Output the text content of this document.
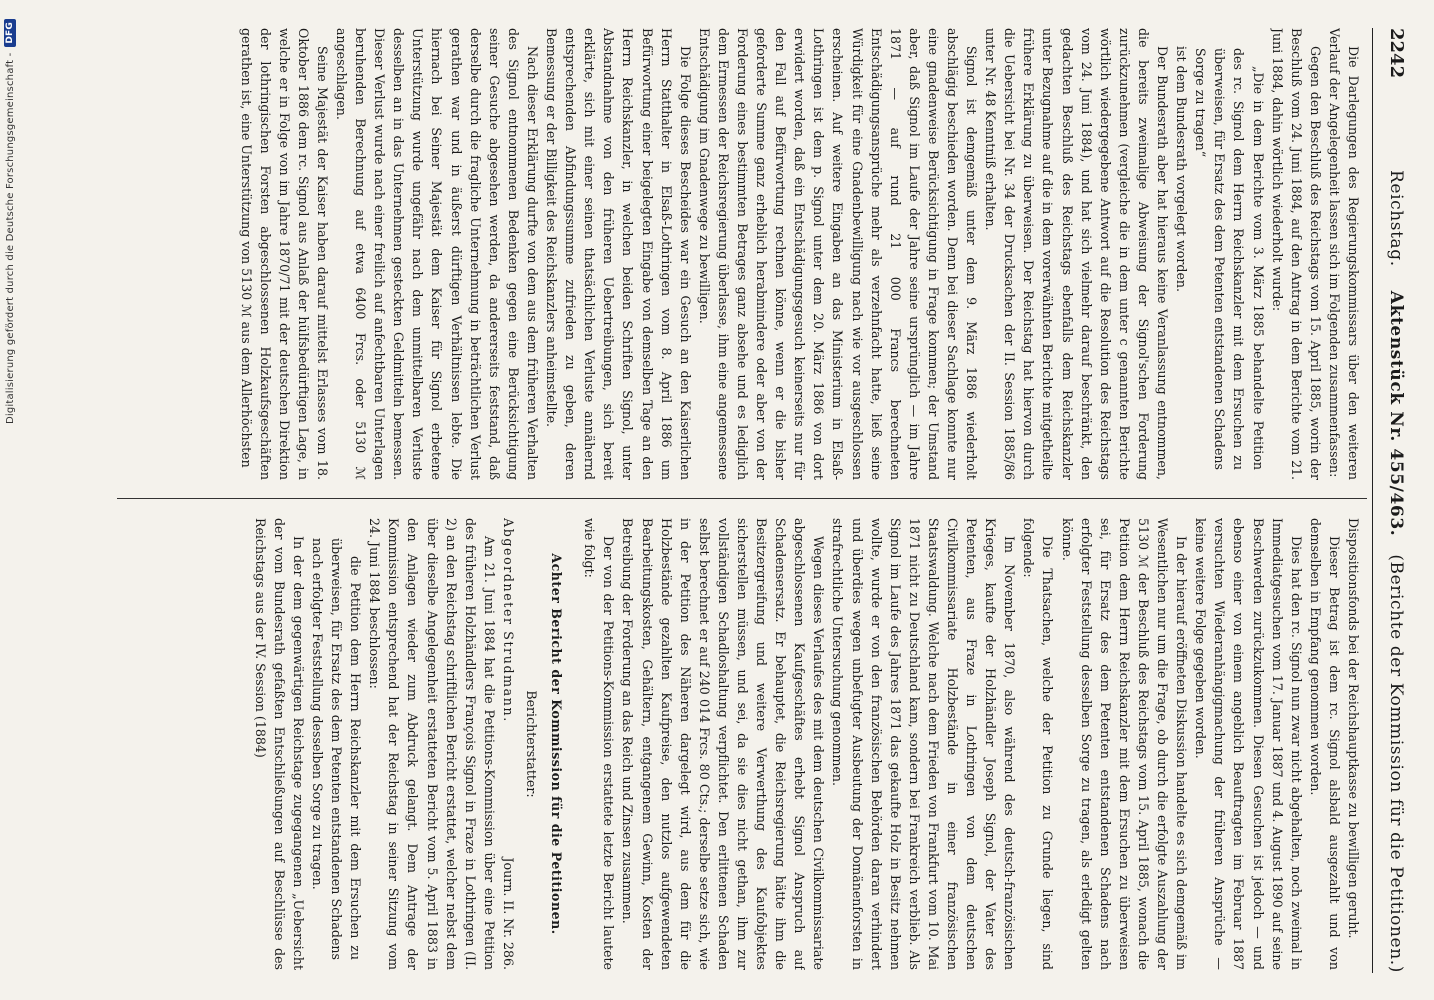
Digitalisierung gefördert durch die Deutsche Forschungsgemeinschaft -
DFG	2242
Reichstag.    Aktenstück Nr. 455/463.   (Berichte der Kommission für die Petitionen.)

Die Darlegungen des Regierungskommissars über den weiteren Verlauf der Angelegenheit lassen sich im Folgenden zusammenfassen:

Gegen den Beschluß des Reichstags vom 15. April 1885, worin der Beschluß vom 24. Juni 1884, auf den Antrag in dem Berichte vom 21. Juni 1884, dahin wörtlich wiederholt wurde:

„Die in dem Berichte vom 3. März 1885 behandelte Petition des rc. Signol dem Herrn Reichskanzler mit dem Ersuchen zu überweisen, für Ersatz des dem Petenten entstandenen Schadens Sorge zu tragen“

ist dem Bundesrath vorgelegt worden.

Der Bundesrath aber hat hieraus keine Veranlassung entnommen, die bereits zweimalige Abweisung der Signol'schen Forderung zurückzunehmen (vergleiche die in dem unter c genannten Berichte wörtlich wiedergegebene Antwort auf die Resolution des Reichstags vom 24. Juni 1884), und hat sich vielmehr darauf beschränkt, den gedachten Beschluß des Reichstags ebenfalls dem Reichskanzler unter Bezugnahme auf die in dem vorerwähnten Berichte mitgetheilte frühere Erklärung zu überweisen. Der Reichstag hat hiervon durch die Uebersicht bei Nr. 34 der Drucksachen der II. Session 1885/86 unter Nr. 48 Kenntniß erhalten.

Signol ist demgemäß unter dem 9. März 1886 wiederholt abschlägig beschieden worden. Denn bei dieser Sachlage konnte nur eine gnadenweise Berücksichtigung in Frage kommen; der Umstand aber, daß Signol im Laufe der Jahre seine ursprünglich — im Jahre 1871 — auf rund 21 000 Francs berechneten Entschädigungsansprüche mehr als verzehnfacht hatte, ließ seine Würdigkeit für eine Gnadenbewilligung nach wie vor ausgeschlossen erscheinen. Auf weitere Eingaben an das Ministerium in Elsaß-Lothringen ist dem p. Signol unter dem 20. März 1886 von dort erwidert worden, daß ein Entschädigungsgesuch keinerseits nur für den Fall auf Befürwortung rechnen könne, wenn er die bisher geforderte Summe ganz erheblich herabmindere oder aber von der Forderung eines bestimmten Betrages ganz absehe und es lediglich dem Ermessen der Reichsregierung überlasse, ihm eine angemessene Entschädigung im Gnadenwege zu bewilligen.

Die Folge dieses Bescheides war ein Gesuch an den Kaiserlichen Herrn Statthalter in Elsaß-Lothringen vom 8. April 1886 um Befürwortung einer beigelegten Eingabe von demselben Tage an den Herrn Reichskanzler, in welchen beiden Schriften Signol, unter Abstandnahme von den früheren Uebertreibungen, sich bereit erklärte, sich mit einer seinen thatsächlichen Verluste annähernd entsprechenden Abfindungssumme zufrieden zu geben, deren Bemessung er der Billigkeit des Reichskanzlers anheimstellte.

Nach dieser Erklärung durfte von dem aus dem früheren Verhalten des Signol entnommenen Bedenken gegen eine Berücksichtigung seiner Gesuche abgesehen werden, da andererseits feststand, daß derselbe durch die fragliche Unternehmung in beträchtlichen Verlust gerathen war und in äußerst dürftigen Verhältnissen lebte. Die hiernach bei Seiner Majestät dem Kaiser für Signol erbetene Unterstützung wurde ungefähr nach dem unmittelbaren Verluste desselben an in das Unternehmen gesteckten Geldmitteln bemessen. Dieser Verlust wurde nach einer freilich auf anfechtbaren Unterlagen beruhenden Berechnung auf etwa 6400 Frcs. oder 5130 ℳ angeschlagen.

Seine Majestät der Kaiser haben darauf mittelst Erlasses vom 18. Oktober 1886 dem rc. Signol aus Anlaß der hülfsbedürftigen Lage, in welche er in Folge von im Jahre 1870/71 mit der deutschen Direktion der lothringischen Forsten abgeschlossenen Holzkaufsgeschäften gerathen ist, eine Unterstützung von 5130 ℳ aus dem Allerhöchsten

Dispositionsfonds bei der Reichshauptkasse zu bewilligen geruht.

Dieser Betrag ist dem rc. Signol alsbald ausgezahlt und von demselben in Empfang genommen worden.

Dies hat den rc. Signol nun zwar nicht abgehalten, noch zweimal in Immediatgesuchen vom 17. Januar 1887 und 4. August 1890 auf seine Beschwerden zurückzukommen. Diesen Gesuchen ist jedoch — und ebenso einer von einem angeblich Beauftragten im Februar 1887 versuchten Wiederanhängigmachung der früheren Ansprüche — keine weitere Folge gegeben worden.

In der hierauf eröffneten Diskussion handelte es sich demgemäß im Wesentlichen nur um die Frage, ob durch die erfolgte Auszahlung der 5130 ℳ der Beschluß des Reichstags vom 15. April 1885, wonach die Petition dem Herrn Reichskanzler mit dem Ersuchen zu überweisen sei, für Ersatz des dem Petenten entstandenen Schadens nach erfolgter Feststellung desselben Sorge zu tragen, als erledigt gelten könne.

Die Thatsachen, welche der Petition zu Grunde liegen, sind folgende:

Im November 1870, also während des deutsch-französischen Krieges, kaufte der Holzhändler Joseph Signol, der Vater des Petenten, aus Fraze in Lothringen von dem deutschen Civilkommissariate Holzbestände in einer französischen Staatswaldung. Welche nach dem Frieden von Frankfurt vom 10. Mai 1871 nicht zu Deutschland kam, sondern bei Frankreich verblieb. Als Signol im Laufe des Jahres 1871 das gekaufte Holz in Besitz nehmen wollte, wurde er von den französischen Behörden daran verhindert und überdies wegen unbefugter Ausbeutung der Domänenforsten in strafrechtliche Untersuchung genommen.

Wegen dieses Verlaufes des mit dem deutschen Civilkommissariate abgeschlossenen Kaufgeschäftes erhebt Signol Anspruch auf Schadensersatz. Er behauptet, die Reichsregierung hätte ihm die Besitzergreifung und weitere Verwerthung des Kaufobjektes sicherstellen müssen, und sei, da sie dies nicht gethan, ihm zur vollständigen Schadloshaltung verpflichtet. Den erlittenen Schaden selbst berechnet er auf 240 014 Frcs. 80 Cts.; derselbe setze sich, wie in der Petition des Näheren dargelegt wird, aus dem für die Holzbestände gezahlten Kaufpreise, den nutzlos aufgewendeten Bearbeitungskosten, Gehältern, entgangenem Gewinn, Kosten der Betreibung der Forderung an das Reich und Zinsen zusammen.

Der von der Petitions-Kommission erstattete letzte Bericht lautete wie folgt:

Achter Bericht der Kommission für die Petitionen.

Berichterstatter:

Abgeordneter Strudmann.
Journ. II. Nr. 286.

Am 21. Juni 1884 hat die Petitions-Kommission über eine Petition des früheren Holzhändlers François Signol in Fraze in Lothringen (II. 2) an den Reichstag schriftlichen Bericht erstattet, welcher nebst dem über dieselbe Angelegenheit erstatteten Bericht vom 5. April 1883 in den Anlagen wieder zum Abdruck gelangt. Dem Antrage der Kommission entsprechend hat der Reichstag in seiner Sitzung vom 24. Juni 1884 beschlossen:

die Petition dem Herrn Reichskanzler mit dem Ersuchen zu überweisen, für Ersatz des dem Petenten entstandenen Schadens nach erfolgter Feststellung desselben Sorge zu tragen.

In der dem gegenwärtigen Reichstage zugegangenen „Uebersicht der vom Bundesrath gefaßten Entschließungen auf Beschlüsse des Reichstags aus der IV. Session (1884)
